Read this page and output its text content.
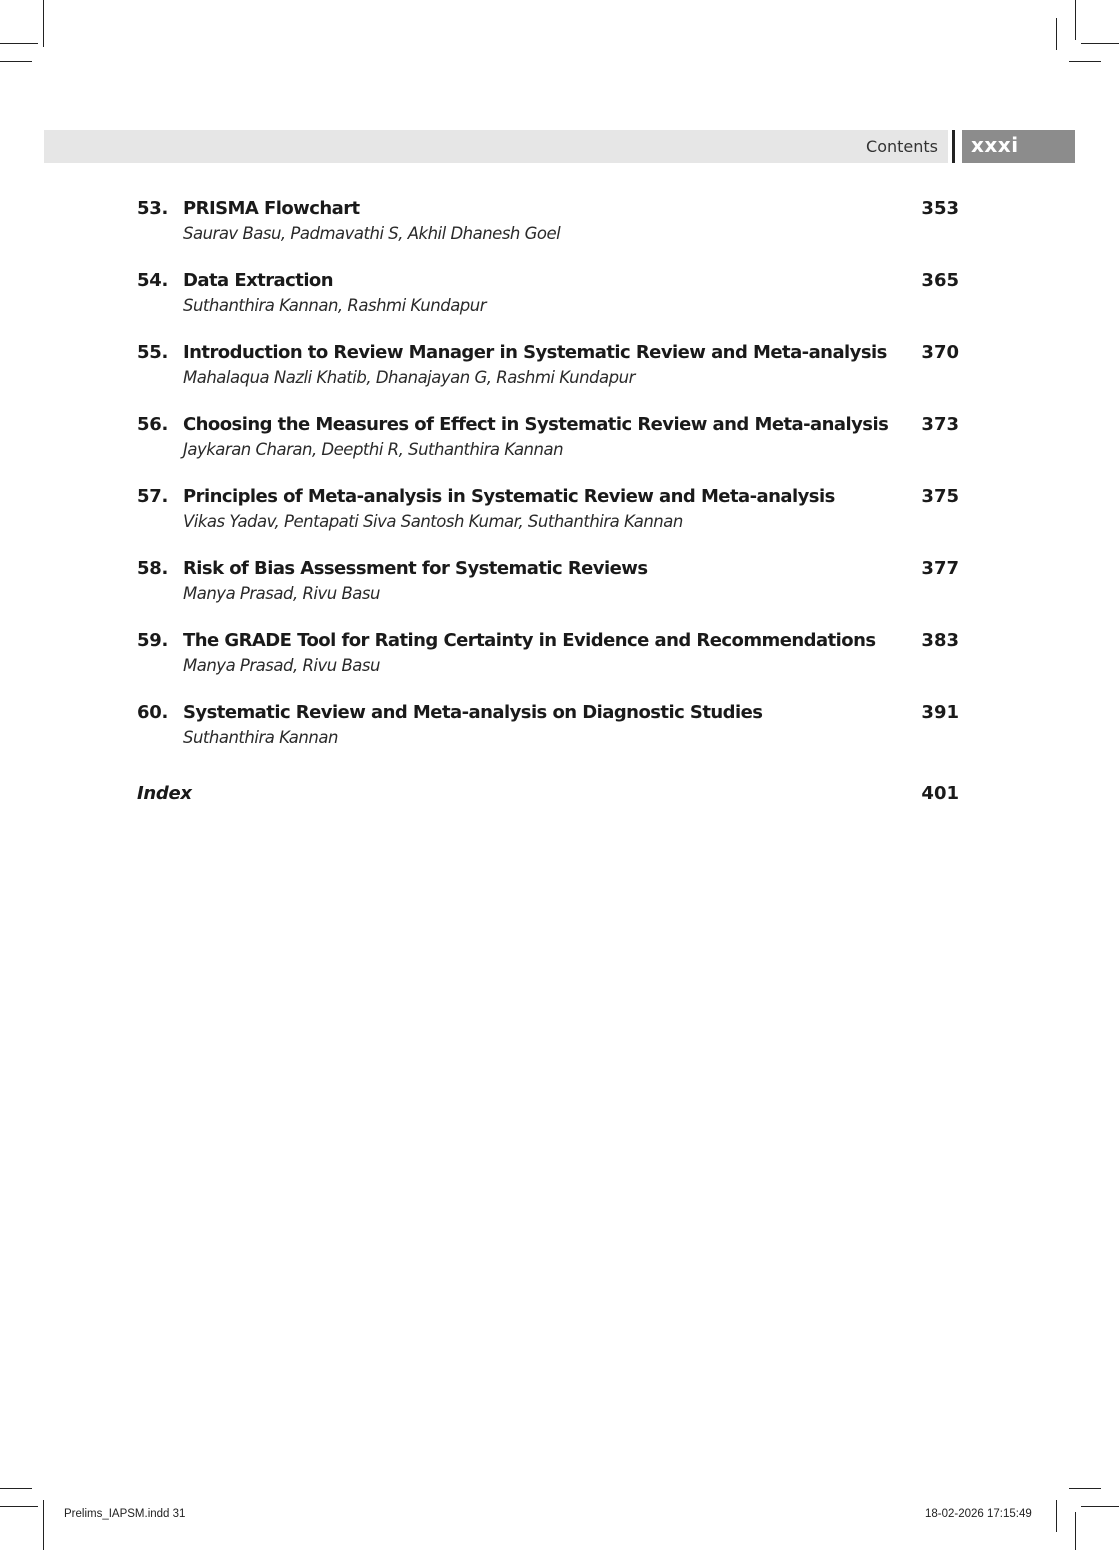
Contents xxxi
53. PRISMA Flowchart
Saurav Basu, Padmavathi S, Akhil Dhanesh Goel
353
54. Data Extraction
Suthanthira Kannan, Rashmi Kundapur
365
55. Introduction to Review Manager in Systematic Review and Meta-analysis
Mahalaqua Nazli Khatib, Dhanajayan G, Rashmi Kundapur
370
56. Choosing the Measures of Effect in Systematic Review and Meta-analysis
Jaykaran Charan, Deepthi R, Suthanthira Kannan
373
57. Principles of Meta-analysis in Systematic Review and Meta-analysis
Vikas Yadav, Pentapati Siva Santosh Kumar, Suthanthira Kannan
375
58. Risk of Bias Assessment for Systematic Reviews
Manya Prasad, Rivu Basu
377
59. The GRADE Tool for Rating Certainty in Evidence and Recommendations
Manya Prasad, Rivu Basu
383
60. Systematic Review and Meta-analysis on Diagnostic Studies
Suthanthira Kannan
391
Index	401
Prelims_IAPSM.indd 31	18-02-2026 17:15:49
